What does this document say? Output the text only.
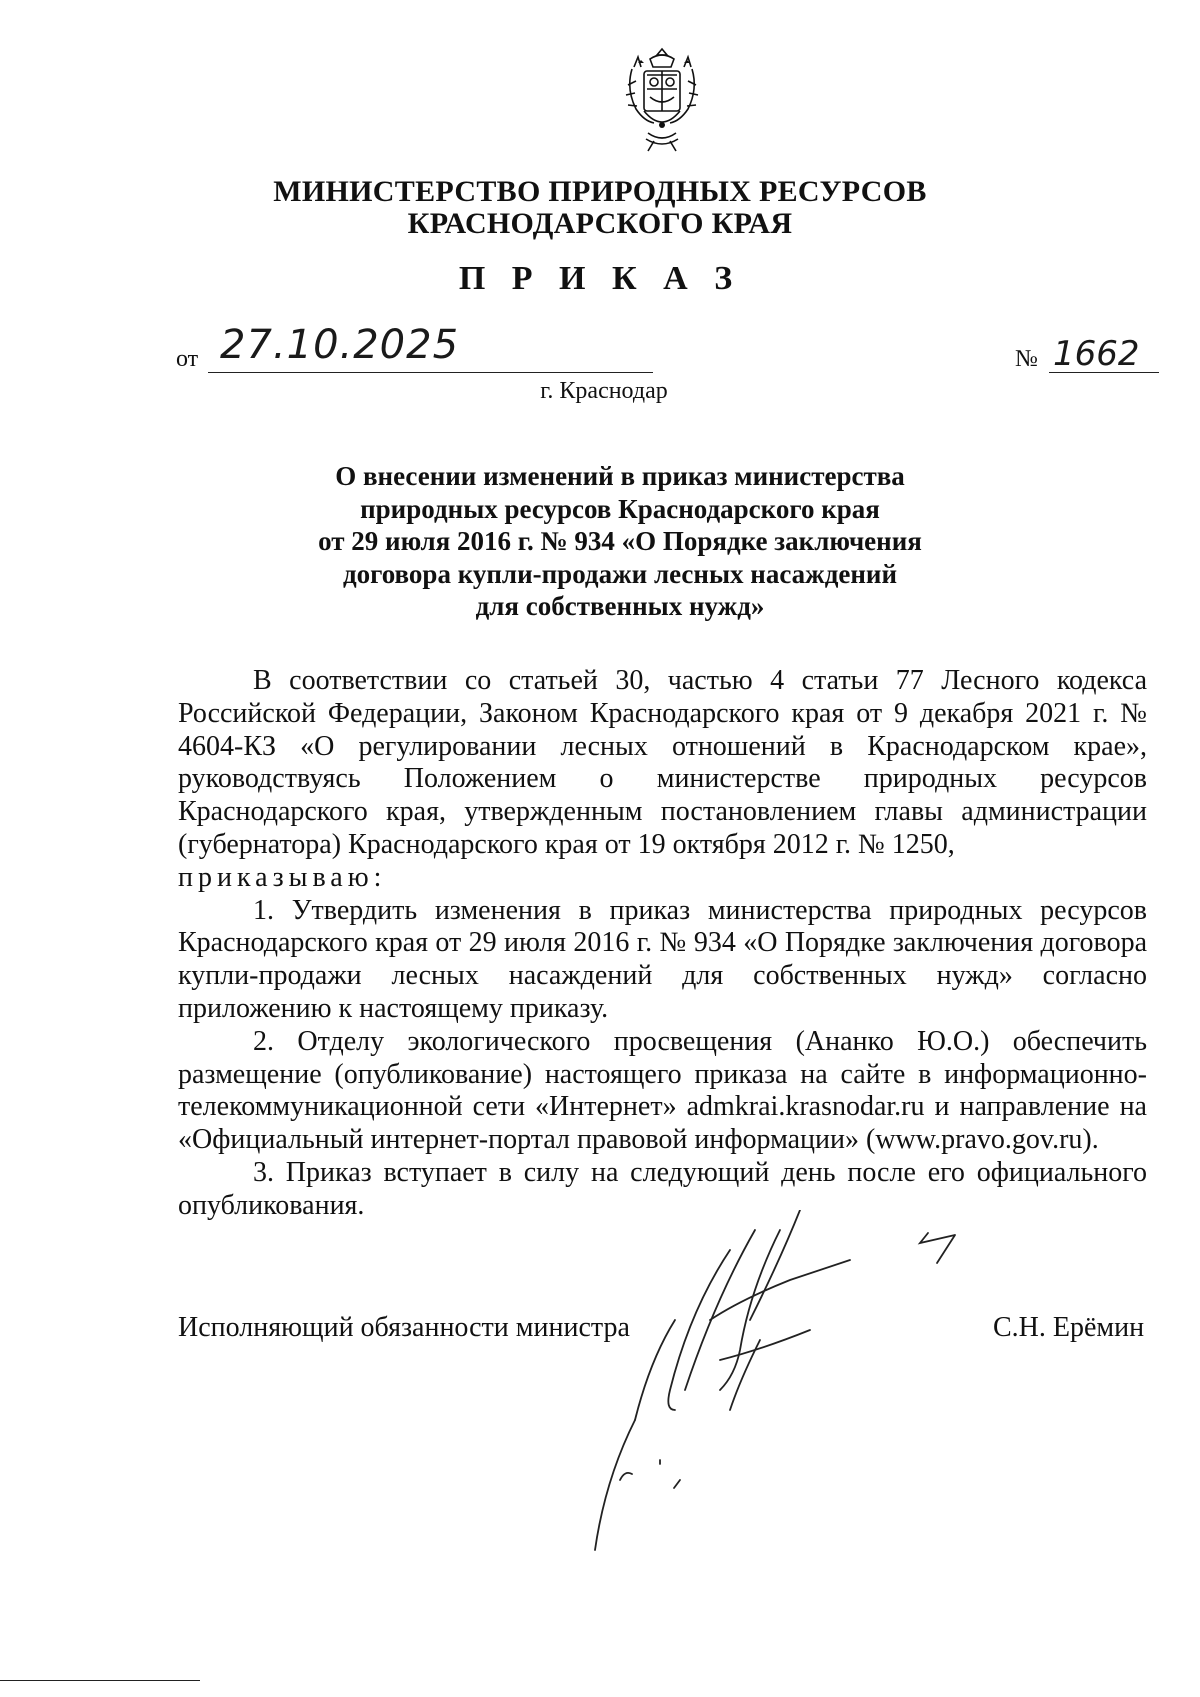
МИНИСТЕРСТВО ПРИРОДНЫХ РЕСУРСОВ
КРАСНОДАРСКОГО КРАЯ
П Р И К А З
от 27.10.2025	№ 1662
г. Краснодар
О внесении изменений в приказ министерства
природных ресурсов Краснодарского края
от 29 июля 2016 г. № 934 «О Порядке заключения
договора купли-продажи лесных насаждений
для собственных нужд»

В соответствии со статьей 30, частью 4 статьи 77 Лесного кодекса Российской Федерации, Законом Краснодарского края от 9 декабря 2021 г. № 4604-КЗ «О регулировании лесных отношений в Краснодарском крае», руководствуясь Положением о министерстве природных ресурсов Краснодарского края, утвержденным постановлением главы администрации (губернатора) Краснодарского края от 19 октября 2012 г. № 1250,

приказываю:

1. Утвердить изменения в приказ министерства природных ресурсов Краснодарского края от 29 июля 2016 г. № 934 «О Порядке заключения договора купли-продажи лесных насаждений для собственных нужд» согласно приложению к настоящему приказу.

2. Отделу экологического просвещения (Ананко Ю.О.) обеспечить размещение (опубликование) настоящего приказа на сайте в информационно-телекоммуникационной сети «Интернет» admkrai.krasnodar.ru и направление на «Официальный интернет-портал правовой информации» (www.pravo.gov.ru).

3. Приказ вступает в силу на следующий день после его официального опубликования.

Исполняющий обязанности министра	С.Н. Ерёмин
